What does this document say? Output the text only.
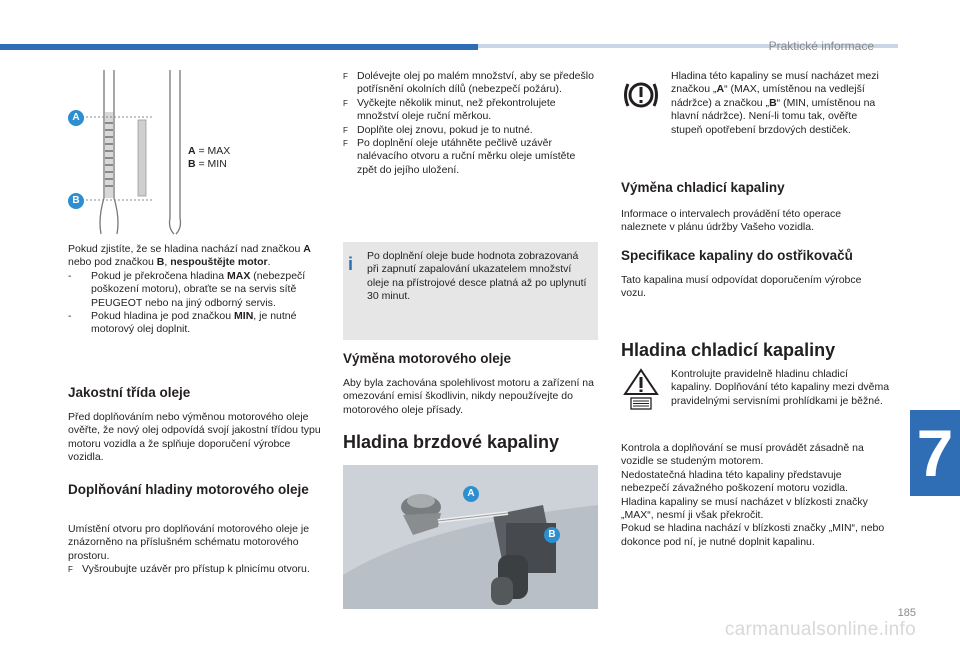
Praktické informace
7
185
carmanualsonline.info
A
B

A = MAX

B = MIN

Pokud zjistíte, že se hladina nachází nad značkou A nebo pod značkou B, nespouštějte motor.

- Pokud je překročena hladina MAX (nebezpečí poškození motoru), obraťte se na servis sítě PEUGEOT nebo na jiný odborný servis.

- Pokud hladina je pod značkou MIN, je nutné motorový olej doplnit.

Jakostní třída oleje
Před doplňováním nebo výměnou motorového oleje ověřte, že nový olej odpovídá svojí jakostní třídou typu motoru vozidla a že splňuje doporučení výrobce vozidla.
Doplňování hladiny motorového oleje

Umístění otvoru pro doplňování motorového oleje je znázorněno na příslušném schématu motorového prostoru.

F Vyšroubujte uzávěr pro přístup k plnicímu otvoru.

F Dolévejte olej po malém množství, aby se předešlo potřísnění okolních dílů (nebezpečí požáru).

F Vyčkejte několik minut, než překontrolujete množství oleje ruční měrkou.

F Doplňte olej znovu, pokud je to nutné.

F Po doplnění oleje utáhněte pečlivě uzávěr nalévacího otvoru a ruční měrku oleje umístěte zpět do jejího uložení.

i	Po doplnění oleje bude hodnota zobrazovaná při zapnutí zapalování ukazatelem množství oleje na přístrojové desce platná až po uplynutí 30 minut.
Výměna motorového oleje
Aby byla zachována spolehlivost motoru a zařízení na omezování emisí škodlivin, nikdy nepoužívejte do motorového oleje přísady.
Hladina brzdové kapaliny
A
B
Hladina této kapaliny se musí nacházet mezi značkou „A“ (MAX, umístěnou na vedlejší nádržce) a značkou „B“ (MIN, umístěnou na hlavní nádržce). Není-li tomu tak, ověřte stupeň opotřebení brzdových destiček.
Výměna chladicí kapaliny
Informace o intervalech provádění této operace naleznete v plánu údržby Vašeho vozidla.
Specifikace kapaliny do ostřikovačů
Tato kapalina musí odpovídat doporučením výrobce vozu.
Hladina chladicí kapaliny
Kontrolujte pravidelně hladinu chladicí kapaliny. Doplňování této kapaliny mezi dvěma pravidelnými servisními prohlídkami je běžné.

Kontrola a doplňování se musí provádět zásadně na vozidle se studeným motorem.

Nedostatečná hladina této kapaliny představuje nebezpečí závažného poškození motoru vozidla.

Hladina kapaliny se musí nacházet v blízkosti značky „MAX“, nesmí ji však překročit.

Pokud se hladina nachází v blízkosti značky „MIN“, nebo dokonce pod ní, je nutné doplnit kapalinu.
